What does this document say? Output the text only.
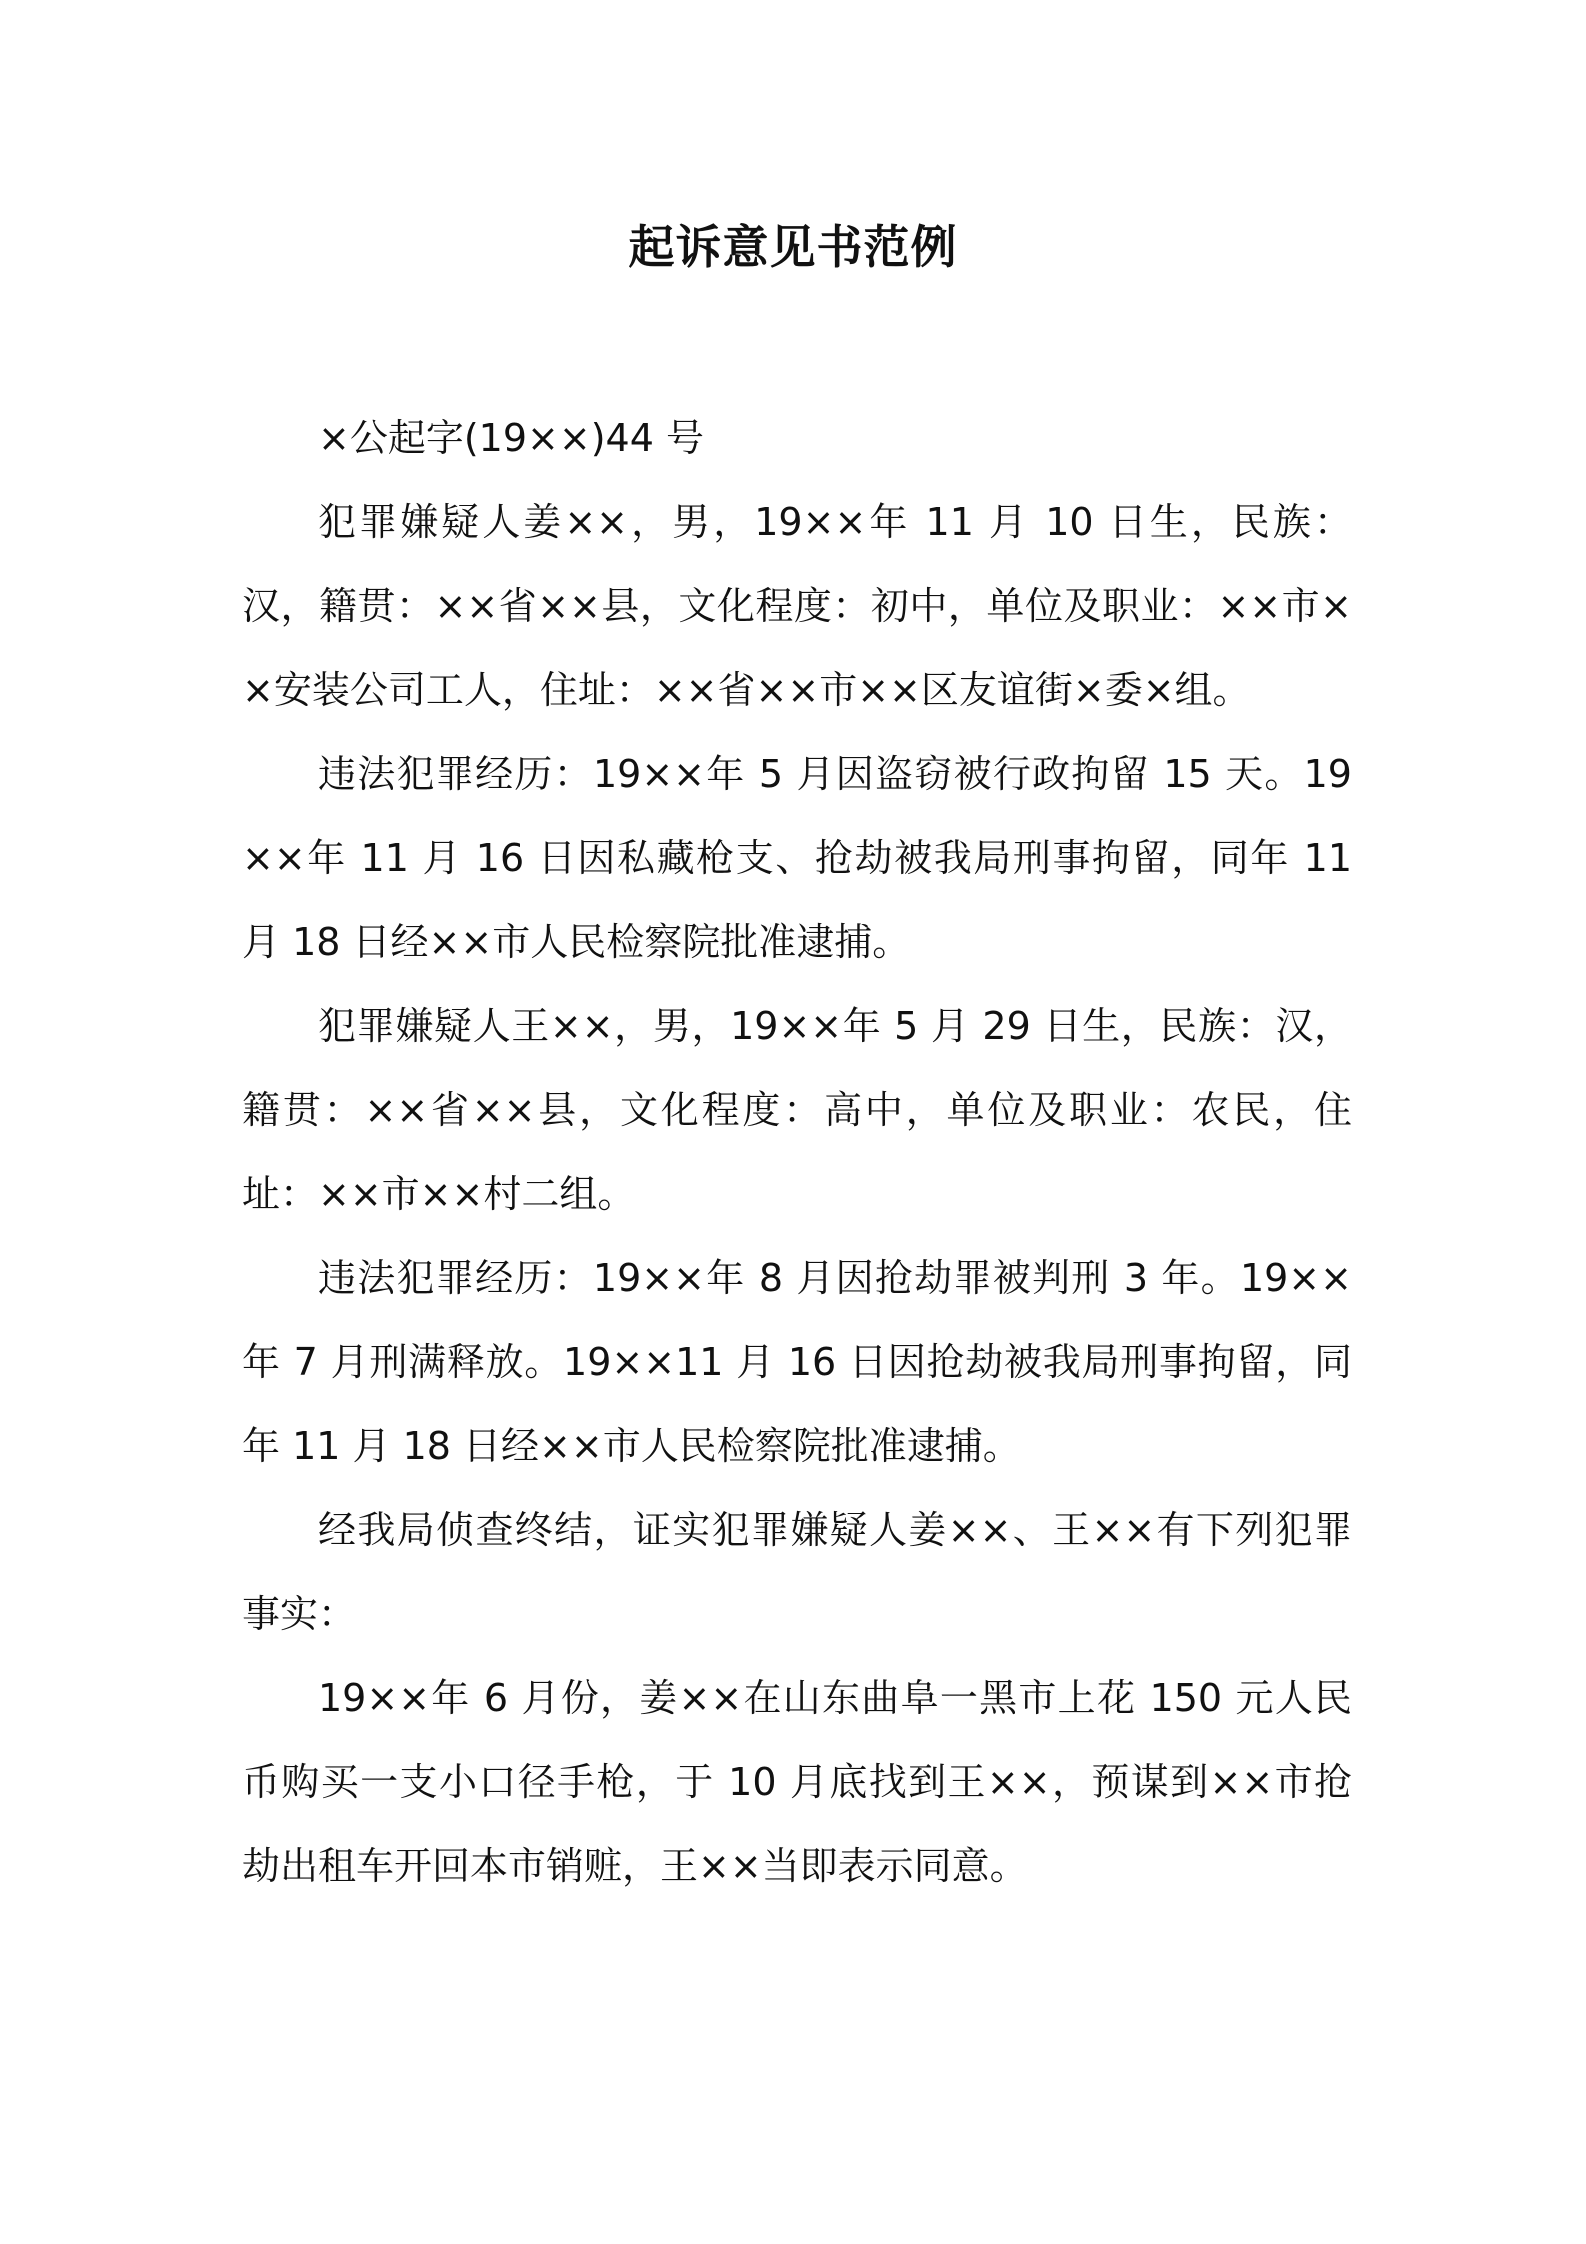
起诉意见书范例

×公起字(19××)44 号

犯罪嫌疑人姜××，男，19××年 11 月 10 日生，民族：汉，籍贯：××省××县，文化程度：初中，单位及职业：××市××安装公司工人，住址：××省××市××区友谊街×委×组。

违法犯罪经历：19××年 5 月因盗窃被行政拘留 15 天。19××年 11 月 16 日因私藏枪支、抢劫被我局刑事拘留，同年 11 月 18 日经××市人民检察院批准逮捕。

犯罪嫌疑人王××，男，19××年 5 月 29 日生，民族：汉，籍贯：××省××县，文化程度：高中，单位及职业：农民，住址：××市××村二组。

违法犯罪经历：19××年 8 月因抢劫罪被判刑 3 年。19××年 7 月刑满释放。19××11 月 16 日因抢劫被我局刑事拘留，同年 11 月 18 日经××市人民检察院批准逮捕。

经我局侦查终结，证实犯罪嫌疑人姜××、王××有下列犯罪事实：

19××年 6 月份，姜××在山东曲阜一黑市上花 150 元人民币购买一支小口径手枪，于 10 月底找到王××，预谋到××市抢劫出租车开回本市销赃，王××当即表示同意。
